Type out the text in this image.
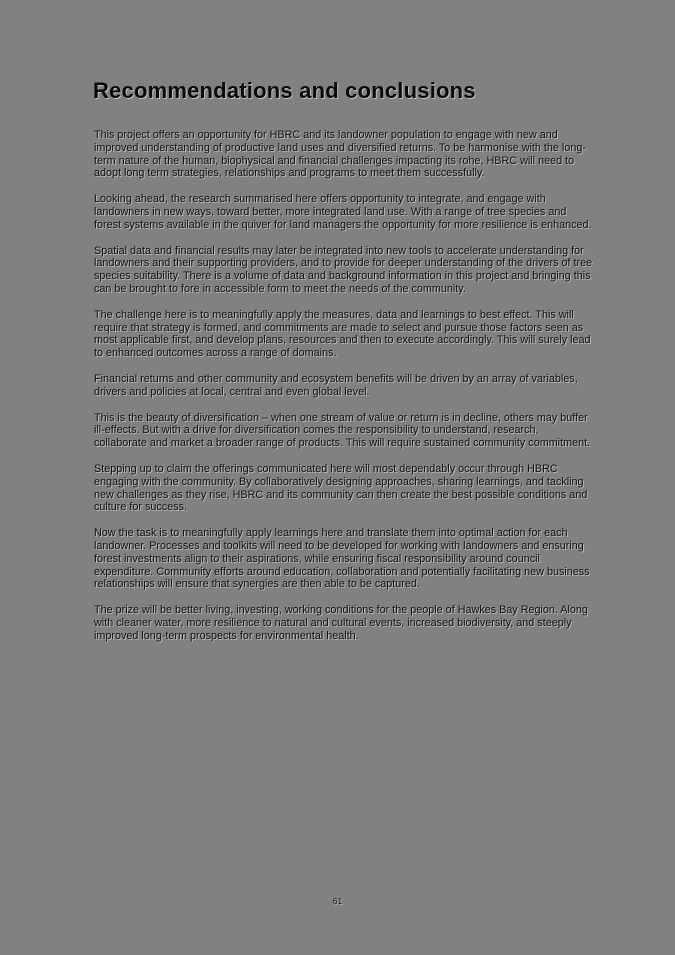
Recommendations and conclusions

This project offers an opportunity for HBRC and its landowner population to engage with new and improved understanding of productive land uses and diversified returns. To be harmonise with the long-term nature of the human, biophysical and financial challenges impacting its rohe, HBRC will need to adopt long term strategies, relationships and programs to meet them successfully.

Looking ahead, the research summarised here offers opportunity to integrate, and engage with landowners in new ways, toward better, more integrated land use. With a range of tree species and forest systems available in the quiver for land managers the opportunity for more resilience is enhanced.

Spatial data and financial results may later be integrated into new tools to accelerate understanding for landowners and their supporting providers, and to provide for deeper understanding of the drivers of tree species suitability. There is a volume of data and background information in this project and bringing this can be brought to fore in accessible form to meet the needs of the community.

The challenge here is to meaningfully apply the measures, data and learnings to best effect. This will require that strategy is formed, and commitments are made to select and pursue those factors seen as most applicable first, and develop plans, resources and then to execute accordingly. This will surely lead to enhanced outcomes across a range of domains.

Financial returns and other community and ecosystem benefits will be driven by an array of variables, drivers and policies at local, central and even global level.

This is the beauty of diversification – when one stream of value or return is in decline, others may buffer ill-effects. But with a drive for diversification comes the responsibility to understand, research, collaborate and market a broader range of products. This will require sustained community commitment.

Stepping up to claim the offerings communicated here will most dependably occur through HBRC engaging with the community. By collaboratively designing approaches, sharing learnings, and tackling new challenges as they rise, HBRC and its community can then create the best possible conditions and culture for success.

Now the task is to meaningfully apply learnings here and translate them into optimal action for each landowner. Processes and toolkits will need to be developed for working with landowners and ensuring forest investments align to their aspirations, while ensuring fiscal responsibility around council expenditure. Community efforts around education, collaboration and potentially facilitating new business relationships will ensure that synergies are then able to be captured.

The prize will be better living, investing, working conditions for the people of Hawkes Bay Region. Along with cleaner water, more resilience to natural and cultural events, increased biodiversity, and steeply improved long-term prospects for environmental health.

61
